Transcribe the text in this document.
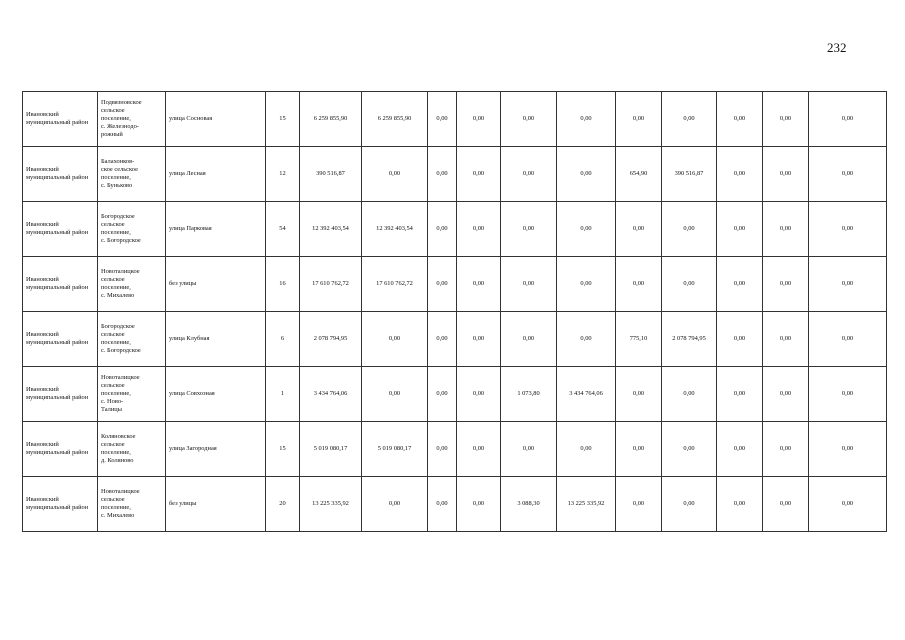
232
Ивановский муниципальный район	Подвязновское
сельское
поселение,
с. Железнодо-
рожный	улица Сосновая	15	6 259 855,90	6 259 855,90	0,00	0,00	0,00	0,00	0,00	0,00	0,00	0,00	0,00
Ивановский муниципальный район	Балахонков-
ское сельское
поселение,
с. Буньково	улица Лесная	12	390 516,87	0,00	0,00	0,00	0,00	0,00	654,90	390 516,87	0,00	0,00	0,00
Ивановский муниципальный район	Богородское
сельское
поселение,
с. Богородское	улица Парковая	54	12 392 403,54	12 392 403,54	0,00	0,00	0,00	0,00	0,00	0,00	0,00	0,00	0,00
Ивановский муниципальный район	Новоталицкое
сельское
поселение,
с. Михалево	без улицы	16	17 610 762,72	17 610 762,72	0,00	0,00	0,00	0,00	0,00	0,00	0,00	0,00	0,00
Ивановский муниципальный район	Богородское
сельское
поселение,
с. Богородское	улица Клубная	6	2 078 794,95	0,00	0,00	0,00	0,00	0,00	775,10	2 078 794,95	0,00	0,00	0,00
Ивановский муниципальный район	Новоталицкое
сельское
поселение,
с. Ново-
Талицы	улица Совхозная	1	3 434 764,06	0,00	0,00	0,00	1 073,80	3 434 764,06	0,00	0,00	0,00	0,00	0,00
Ивановский муниципальный район	Коляновское
сельское
поселение,
д. Коляново	улица Загородная	15	5 019 080,17	5 019 080,17	0,00	0,00	0,00	0,00	0,00	0,00	0,00	0,00	0,00
Ивановский муниципальный район	Новоталицкое
сельское
поселение,
с. Михалево	без улицы	20	13 225 335,92	0,00	0,00	0,00	3 088,30	13 225 335,92	0,00	0,00	0,00	0,00	0,00
